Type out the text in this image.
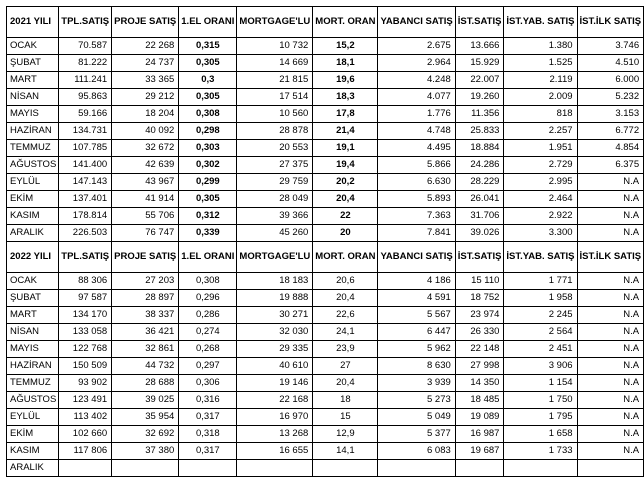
2021 YILI	TPL.SATIŞ	PROJE SATIŞ	1.EL ORANI	MORTGAGE'LU	MORT. ORAN	YABANCI SATIŞ	İST.SATIŞ	İST.YAB. SATIŞ	İST.İLK SATIŞ
OCAK	70.587	22 268	0,315	10 732	15,2	2.675	13.666	1.380	3.746
ŞUBAT	81.222	24 737	0,305	14 669	18,1	2.964	15.929	1.525	4.510
MART	111.241	33 365	0,3	21 815	19,6	4.248	22.007	2.119	6.000
NİSAN	95.863	29 212	0,305	17 514	18,3	4.077	19.260	2.009	5.232
MAYIS	59.166	18 204	0,308	10 560	17,8	1.776	11.356	818	3.153
HAZİRAN	134.731	40 092	0,298	28 878	21,4	4.748	25.833	2.257	6.772
TEMMUZ	107.785	32 672	0,303	20 553	19,1	4.495	18.884	1.951	4.854
AĞUSTOS	141.400	42 639	0,302	27 375	19,4	5.866	24.286	2.729	6.375
EYLÜL	147.143	43 967	0,299	29 759	20,2	6.630	28.229	2.995	N.A
EKİM	137.401	41 914	0,305	28 049	20,4	5.893	26.041	2.464	N.A
KASIM	178.814	55 706	0,312	39 366	22	7.363	31.706	2.922	N.A
ARALIK	226.503	76 747	0,339	45 260	20	7.841	39.026	3.300	N.A
2022 YILI	TPL.SATIŞ	PROJE SATIŞ	1.EL ORANI	MORTGAGE'LU	MORT. ORAN	YABANCI SATIŞ	İST.SATIŞ	İST.YAB. SATIŞ	İST.İLK SATIŞ
OCAK	88 306	27 203	0,308	18 183	20,6	4 186	15 110	1 771	N.A
ŞUBAT	97 587	28 897	0,296	19 888	20,4	4 591	18 752	1 958	N.A
MART	134 170	38 337	0,286	30 271	22,6	5 567	23 974	2 245	N.A
NİSAN	133 058	36 421	0,274	32 030	24,1	6 447	26 330	2 564	N.A
MAYIS	122 768	32 861	0,268	29 335	23,9	5 962	22 148	2 451	N.A
HAZİRAN	150 509	44 732	0,297	40 610	27	8 630	27 998	3 906	N.A
TEMMUZ	93 902	28 688	0,306	19 146	20,4	3 939	14 350	1 154	N.A
AĞUSTOS	123 491	39 025	0,316	22 168	18	5 273	18 485	1 750	N.A
EYLÜL	113 402	35 954	0,317	16 970	15	5 049	19 089	1 795	N.A
EKİM	102 660	32 692	0,318	13 268	12,9	5 377	16 987	1 658	N.A
KASIM	117 806	37 380	0,317	16 655	14,1	6 083	19 687	1 733	N.A
ARALIK									
